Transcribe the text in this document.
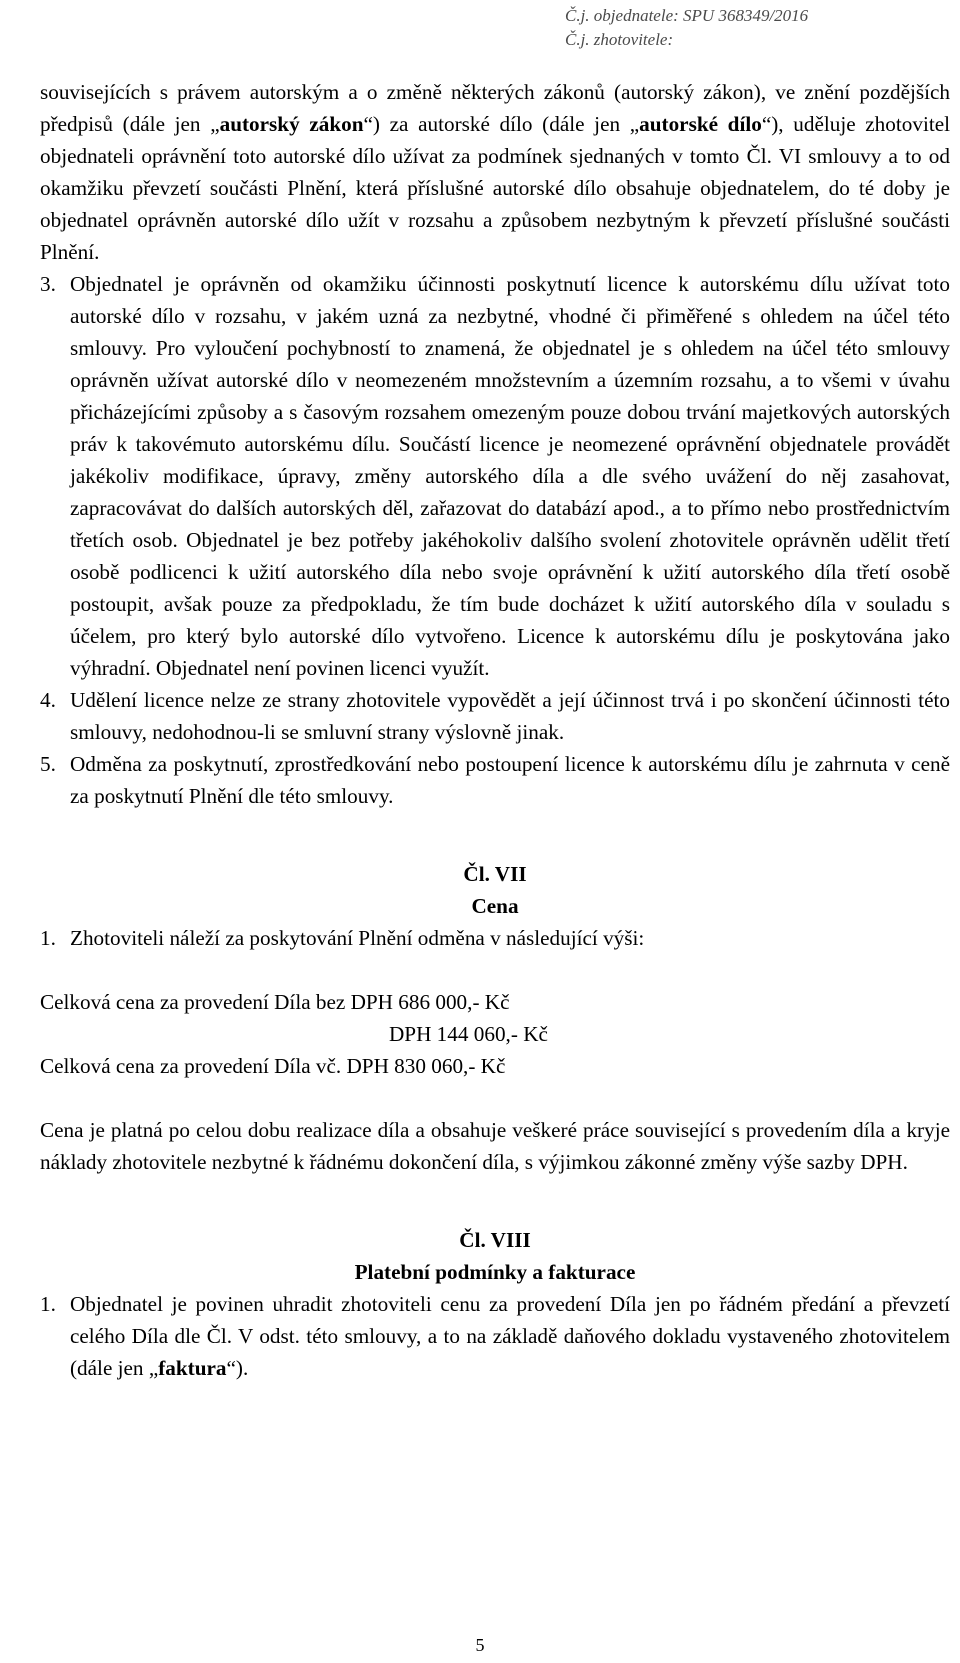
Č.j. objednatele: SPU 368349/2016
Č.j. zhotovitele:

souvisejících s právem autorským a o změně některých zákonů (autorský zákon), ve znění pozdějších předpisů (dále jen „autorský zákon“) za autorské dílo (dále jen „autorské dílo“), uděluje zhotovitel objednateli oprávnění toto autorské dílo užívat za podmínek sjednaných v tomto Čl. VI smlouvy a to od okamžiku převzetí součásti Plnění, která příslušné autorské dílo obsahuje objednatelem, do té doby je objednatel oprávněn autorské dílo užít v rozsahu a způsobem nezbytným k převzetí příslušné součásti Plnění.

3. Objednatel je oprávněn od okamžiku účinnosti poskytnutí licence k autorskému dílu užívat toto autorské dílo v rozsahu, v jakém uzná za nezbytné, vhodné či přiměřené s ohledem na účel této smlouvy. Pro vyloučení pochybností to znamená, že objednatel je s ohledem na účel této smlouvy oprávněn užívat autorské dílo v neomezeném množstevním a územním rozsahu, a to všemi v úvahu přicházejícími způsoby a s časovým rozsahem omezeným pouze dobou trvání majetkových autorských práv k takovémuto autorskému dílu. Součástí licence je neomezené oprávnění objednatele provádět jakékoliv modifikace, úpravy, změny autorského díla a dle svého uvážení do něj zasahovat, zapracovávat do dalších autorských děl, zařazovat do databází apod., a to přímo nebo prostřednictvím třetích osob. Objednatel je bez potřeby jakéhokoliv dalšího svolení zhotovitele oprávněn udělit třetí osobě podlicenci k užití autorského díla nebo svoje oprávnění k užití autorského díla třetí osobě postoupit, avšak pouze za předpokladu, že tím bude docházet k užití autorského díla v souladu s účelem, pro který bylo autorské dílo vytvořeno. Licence k autorskému dílu je poskytována jako výhradní. Objednatel není povinen licenci využít.
4. Udělení licence nelze ze strany zhotovitele vypovědět a její účinnost trvá i po skončení účinnosti této smlouvy, nedohodnou-li se smluvní strany výslovně jinak.
5. Odměna za poskytnutí, zprostředkování nebo postoupení licence k autorskému dílu je zahrnuta v ceně za poskytnutí Plnění dle této smlouvy.

Čl. VII

Cena

1. Zhotoviteli náleží za poskytování Plnění odměna v následující výši:

Celková cena za provedení Díla bez DPH 686 000,- Kč

DPH 144 060,- Kč

Celková cena za provedení Díla vč. DPH 830 060,- Kč

Cena je platná po celou dobu realizace díla a obsahuje veškeré práce související s provedením díla a kryje náklady zhotovitele nezbytné k řádnému dokončení díla, s výjimkou zákonné změny výše sazby DPH.

Čl. VIII

Platební podmínky a fakturace

1. Objednatel je povinen uhradit zhotoviteli cenu za provedení Díla jen po řádném předání a převzetí celého Díla dle Čl. V odst. této smlouvy, a to na základě daňového dokladu vystaveného zhotovitelem (dále jen „faktura“).
5
